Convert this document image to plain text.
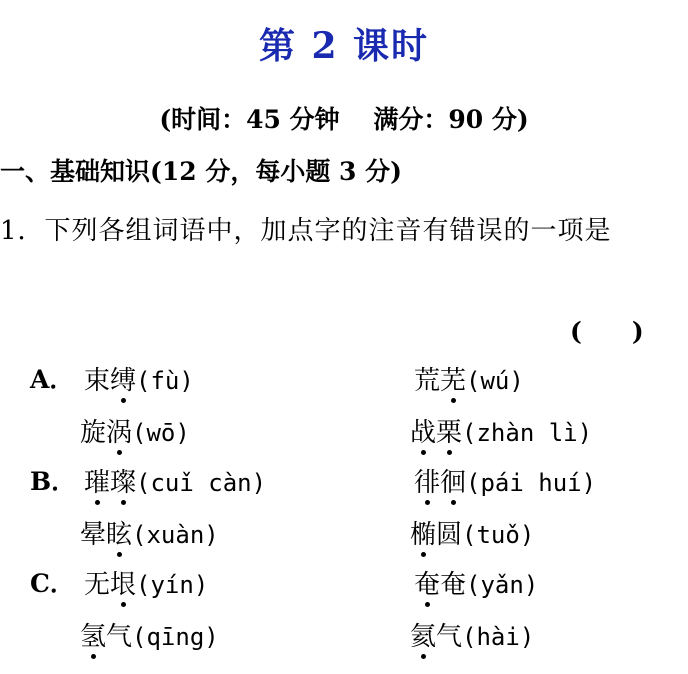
第 2 课时
(时间：45 分钟　 满分：90 分)
一、基础知识(12 分，每小题 3 分)
1．下列各组词语中，加点字的注音有错误的一项是
(　　)
A． 束缚(fù)	荒芜(wú)
旋涡(wō)	战栗(zhàn lì)
B． 璀璨(cuǐ càn)	徘徊(pái huí)
晕眩(xuàn)	椭圆(tuǒ)
C． 无垠(yín)	奄奄(yǎn)
氢气(qīng)	氦气(hài)
